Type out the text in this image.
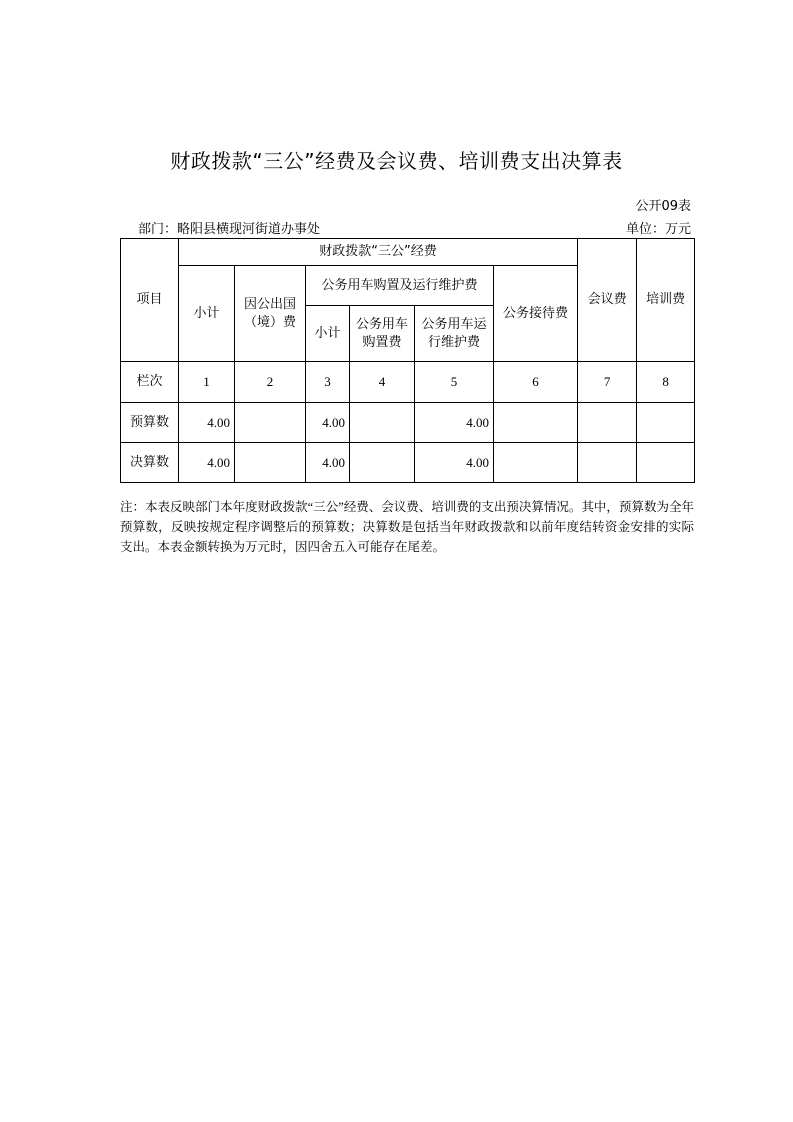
财政拨款“三公”经费及会议费、培训费支出决算表
公开09表
部门：略阳县横现河街道办事处	单位：万元
项目	财政拨款“三公”经费						会议费	培训费
	小计	因公出国（境）费	公务用车购置及运行维护费			公务接待费		
			小计	公务用车购置费	公务用车运行维护费			
栏次	1	2	3	4	5	6	7	8
预算数	4.00		4.00		4.00			
决算数	4.00		4.00		4.00			
注：本表反映部门本年度财政拨款“三公”经费、会议费、培训费的支出预决算情况。其中，预算数为全年预算数，反映按规定程序调整后的预算数；决算数是包括当年财政拨款和以前年度结转资金安排的实际支出。本表金额转换为万元时，因四舍五入可能存在尾差。
